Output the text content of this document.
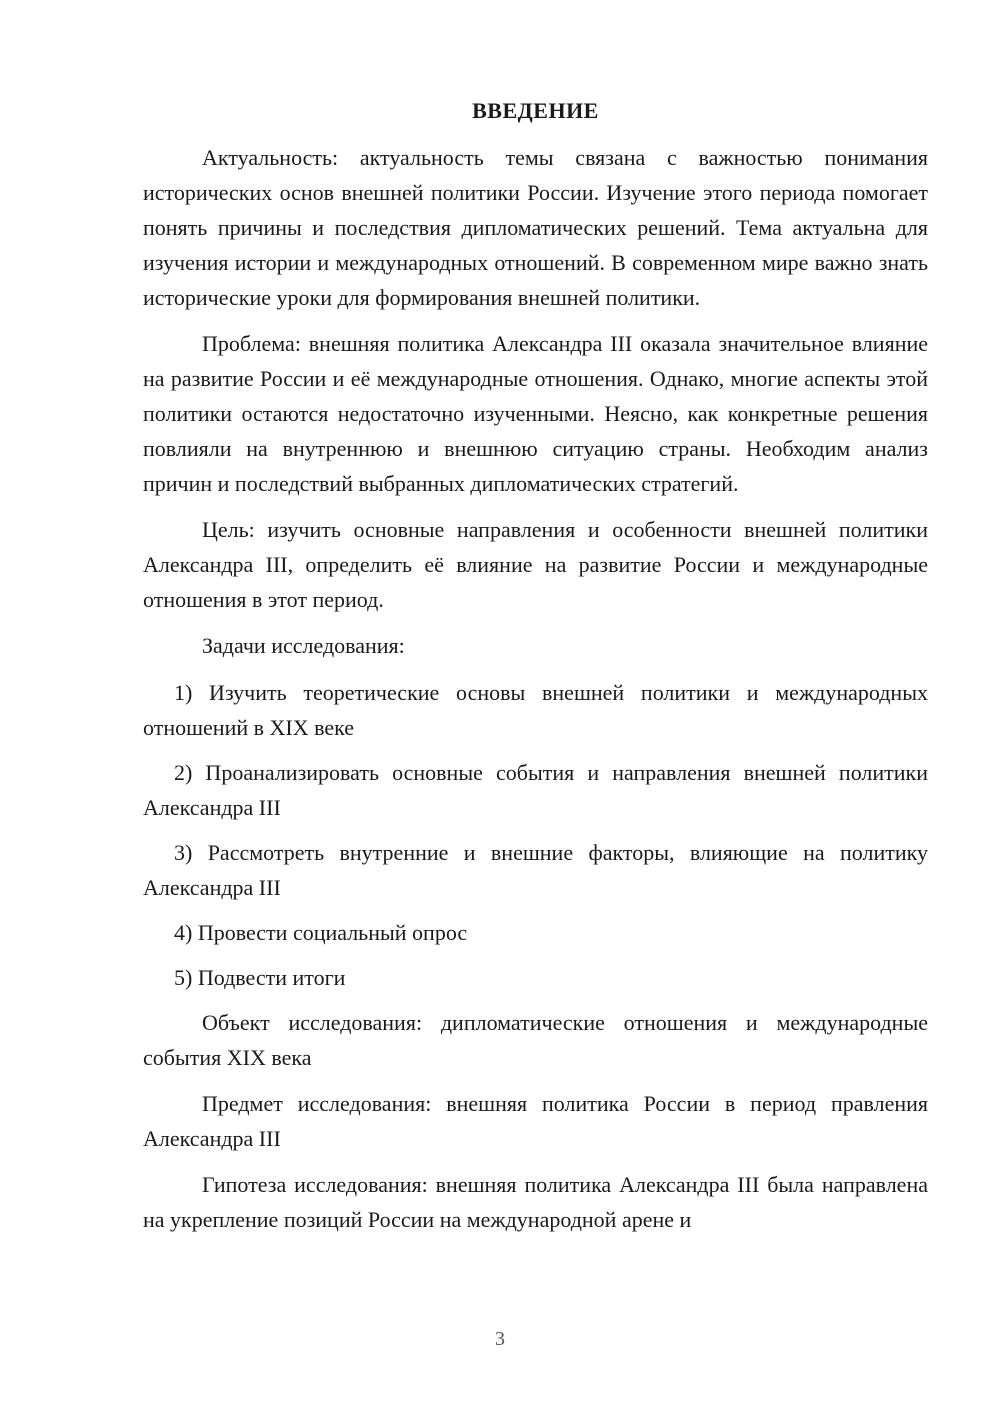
ВВЕДЕНИЕ

Актуальность: актуальность темы связана с важностью понимания исторических основ внешней политики России. Изучение этого периода помогает понять причины и последствия дипломатических решений. Тема актуальна для изучения истории и международных отношений. В современном мире важно знать исторические уроки для формирования внешней политики.

Проблема: внешняя политика Александра III оказала значительное влияние на развитие России и её международные отношения. Однако, многие аспекты этой политики остаются недостаточно изученными. Неясно, как конкретные решения повлияли на внутреннюю и внешнюю ситуацию страны. Необходим анализ причин и последствий выбранных дипломатических стратегий.

Цель: изучить основные направления и особенности внешней политики Александра III, определить её влияние на развитие России и международные отношения в этот период.

Задачи исследования:

1) Изучить теоретические основы внешней политики и международных отношений в XIX веке

2) Проанализировать основные события и направления внешней политики Александра III

3) Рассмотреть внутренние и внешние факторы, влияющие на политику Александра III

4) Провести социальный опрос

5) Подвести итоги

Объект исследования: дипломатические отношения и международные события XIX века

Предмет исследования: внешняя политика России в период правления Александра III

Гипотеза исследования: внешняя политика Александра III была направлена на укрепление позиций России на международной арене и

3
